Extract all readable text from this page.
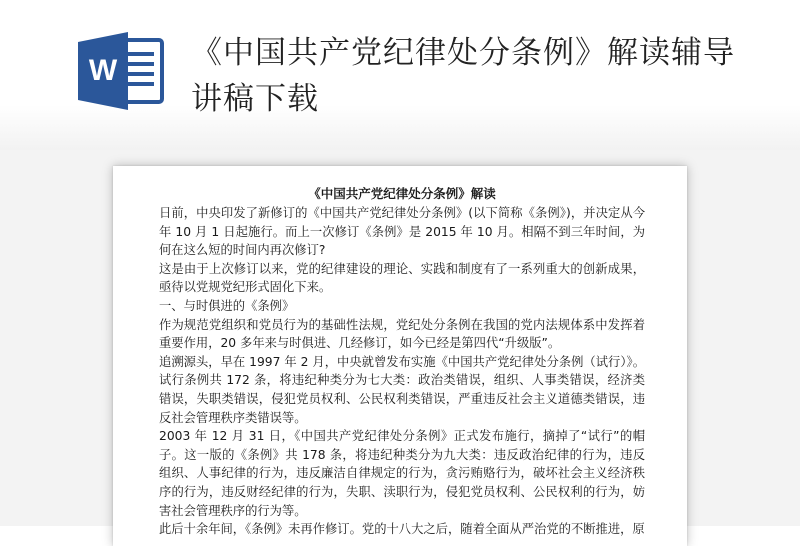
W 《中国共产党纪律处分条例》解读辅导讲稿下载
《中国共产党纪律处分条例》解读

日前，中央印发了新修订的《中国共产党纪律处分条例》(以下简称《条例》)，并决定从今年 10 月 1 日起施行。而上一次修订《条例》是 2015 年 10 月。相隔不到三年时间，为何在这么短的时间内再次修订?

这是由于上次修订以来，党的纪律建设的理论、实践和制度有了一系列重大的创新成果，亟待以党规党纪形式固化下来。

一、与时俱进的《条例》

作为规范党组织和党员行为的基础性法规，党纪处分条例在我国的党内法规体系中发挥着重要作用，20 多年来与时俱进、几经修订，如今已经是第四代“升级版”。

追溯源头，早在 1997 年 2 月，中央就曾发布实施《中国共产党纪律处分条例（试行）》。试行条例共 172 条，将违纪种类分为七大类：政治类错误，组织、人事类错误，经济类错误，失职类错误，侵犯党员权利、公民权利类错误，严重违反社会主义道德类错误，违反社会管理秩序类错误等。

2003 年 12 月 31 日，《中国共产党纪律处分条例》正式发布施行，摘掉了“试行”的帽子。这一版的《条例》共 178 条，将违纪种类分为九大类：违反政治纪律的行为，违反组织、人事纪律的行为，违反廉洁自律规定的行为，贪污贿赂行为，破坏社会主义经济秩序的行为，违反财经纪律的行为，失职、渎职行为，侵犯党员权利、公民权利的行为，妨害社会管理秩序的行为等。

此后十余年间，《条例》未再作修订。党的十八大之后，随着全面从严治党的不断推进，原
